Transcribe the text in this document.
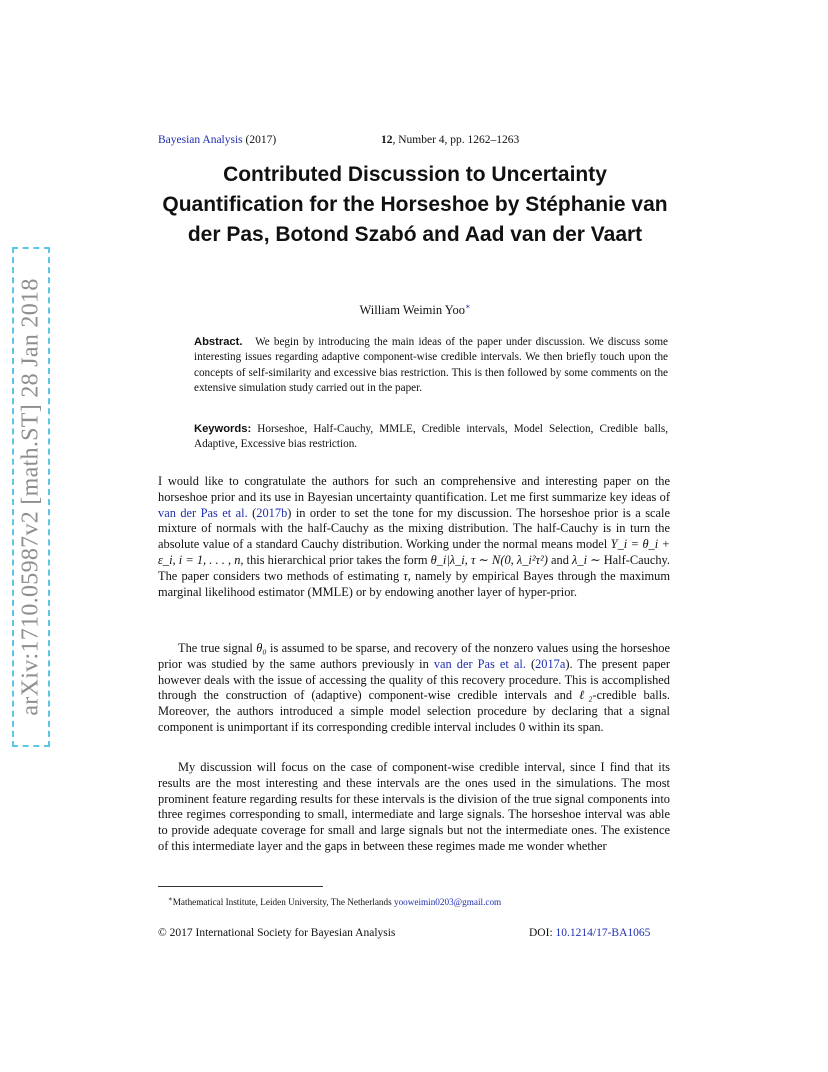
arXiv:1710.05987v2 [math.ST] 28 Jan 2018
Bayesian Analysis (2017)	12, Number 4, pp. 1262–1263
Contributed Discussion to Uncertainty Quantification for the Horseshoe by Stéphanie van der Pas, Botond Szabó and Aad van der Vaart
William Weimin Yoo∗
Abstract. We begin by introducing the main ideas of the paper under discussion. We discuss some interesting issues regarding adaptive component-wise credible intervals. We then briefly touch upon the concepts of self-similarity and excessive bias restriction. This is then followed by some comments on the extensive simulation study carried out in the paper.
Keywords: Horseshoe, Half-Cauchy, MMLE, Credible intervals, Model Selection, Credible balls, Adaptive, Excessive bias restriction.

I would like to congratulate the authors for such an comprehensive and interesting paper on the horseshoe prior and its use in Bayesian uncertainty quantification. Let me first summarize key ideas of van der Pas et al. (2017b) in order to set the tone for my discussion. The horseshoe prior is a scale mixture of normals with the half-Cauchy as the mixing distribution. The half-Cauchy is in turn the absolute value of a standard Cauchy distribution. Working under the normal means model Y_i = θ_i + ε_i, i = 1, . . . , n, this hierarchical prior takes the form θ_i|λ_i, τ ∼ N(0, λ_i²τ²) and λ_i ∼ Half-Cauchy. The paper considers two methods of estimating τ, namely by empirical Bayes through the maximum marginal likelihood estimator (MMLE) or by endowing another layer of hyper-prior.

The true signal θ₀ is assumed to be sparse, and recovery of the nonzero values using the horseshoe prior was studied by the same authors previously in van der Pas et al. (2017a). The present paper however deals with the issue of accessing the quality of this recovery procedure. This is accomplished through the construction of (adaptive) component-wise credible intervals and ℓ₂-credible balls. Moreover, the authors introduced a simple model selection procedure by declaring that a signal component is unimportant if its corresponding credible interval includes 0 within its span.

My discussion will focus on the case of component-wise credible interval, since I find that its results are the most interesting and these intervals are the ones used in the simulations. The most prominent feature regarding results for these intervals is the division of the true signal components into three regimes corresponding to small, intermediate and large signals. The horseshoe interval was able to provide adequate coverage for small and large signals but not the intermediate ones. The existence of this intermediate layer and the gaps in between these regimes made me wonder whether

∗Mathematical Institute, Leiden University, The Netherlands yooweimin0203@gmail.com
© 2017 International Society for Bayesian Analysis	DOI: 10.1214/17-BA1065
